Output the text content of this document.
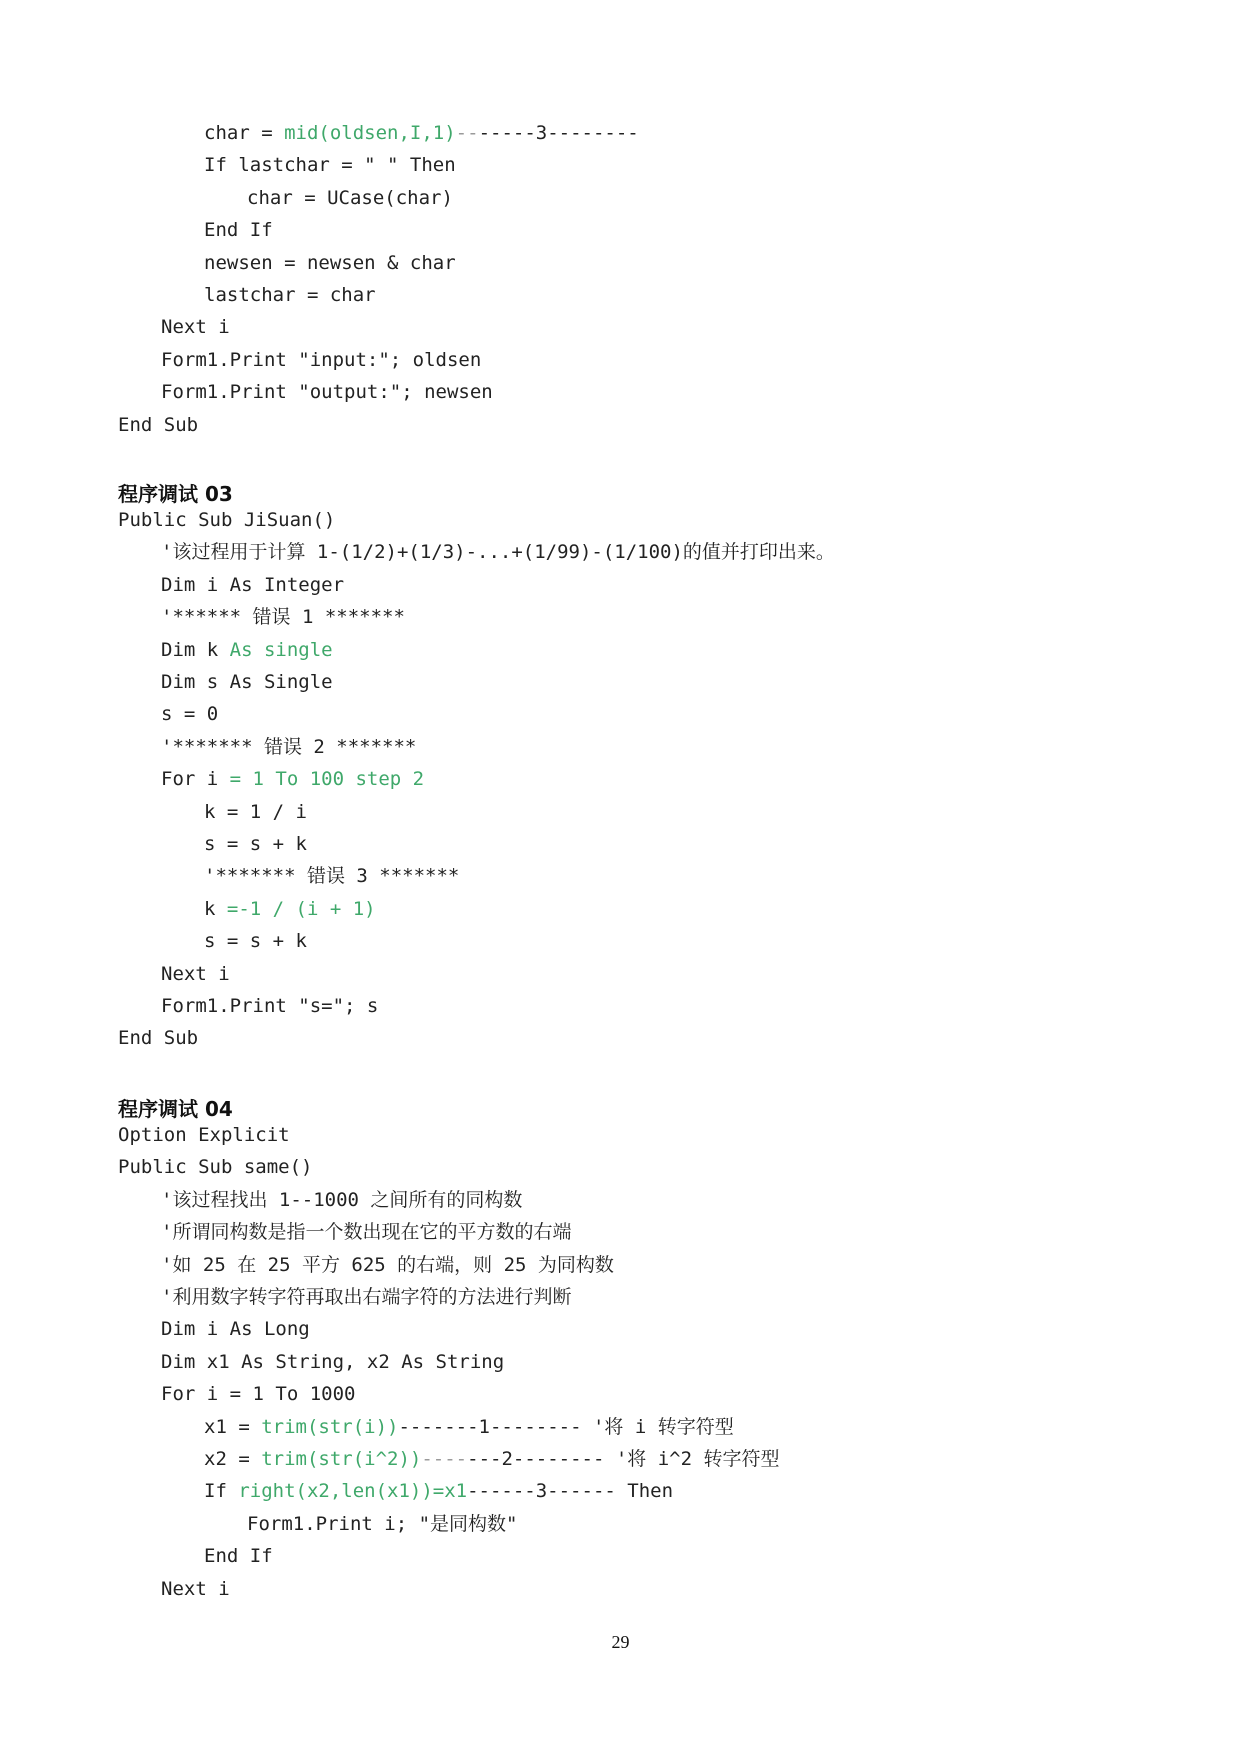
char = mid(oldsen,I,1)-------3--------
If lastchar = " " Then
char = UCase(char)
End If
newsen = newsen & char
lastchar = char
Next i
Form1.Print "input:"; oldsen
Form1.Print "output:"; newsen
End Sub
程序调试 03
Public Sub JiSuan()
'该过程用于计算 1-(1/2)+(1/3)-...+(1/99)-(1/100)的值并打印出来。
Dim i As Integer
'****** 错误 1 *******
Dim k As single
Dim s As Single
s = 0
'******* 错误 2 *******
For i = 1 To 100 step 2
k = 1 / i
s = s + k
'******* 错误 3 *******
k =-1 / (i + 1)
s = s + k
Next i
Form1.Print "s="; s
End Sub
程序调试 04
Option Explicit
Public Sub same()
'该过程找出 1--1000 之间所有的同构数
'所谓同构数是指一个数出现在它的平方数的右端
'如 25 在 25 平方 625 的右端，则 25 为同构数
'利用数字转字符再取出右端字符的方法进行判断
Dim i As Long
Dim x1 As String, x2 As String
For i = 1 To 1000
x1 = trim(str(i))-------1-------- '将 i 转字符型
x2 = trim(str(i^2))-------2-------- '将 i^2 转字符型
If right(x2,len(x1))=x1------3------ Then
Form1.Print i; "是同构数"
End If
Next i
29
